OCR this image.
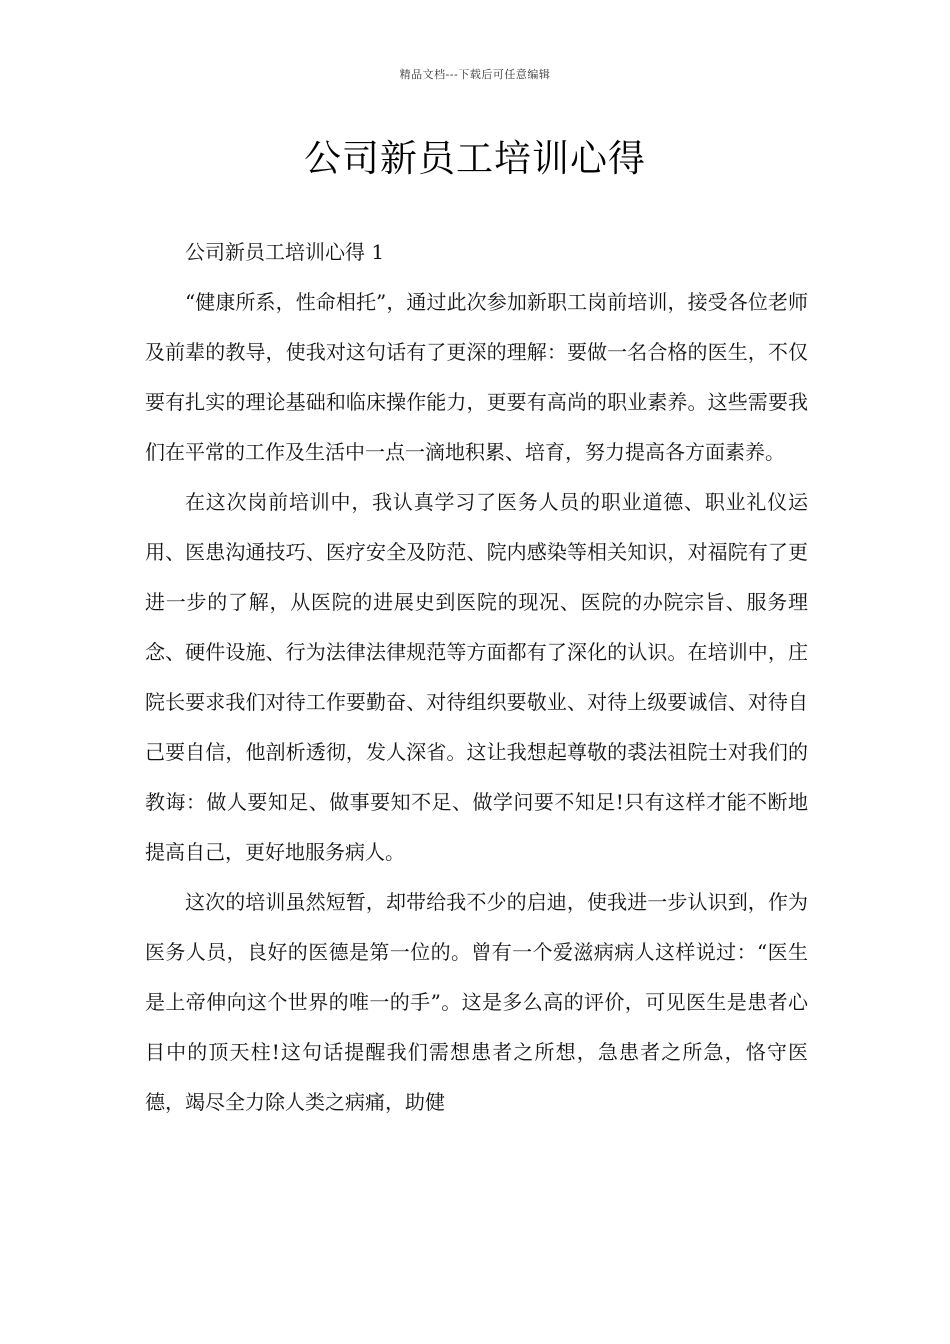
精品文档---下载后可任意编辑
公司新员工培训心得

公司新员工培训心得 1

“健康所系，性命相托”，通过此次参加新职工岗前培训，接受各位老师及前辈的教导，使我对这句话有了更深的理解：要做一名合格的医生，不仅要有扎实的理论基础和临床操作能力，更要有高尚的职业素养。这些需要我们在平常的工作及生活中一点一滴地积累、培育，努力提高各方面素养。

在这次岗前培训中，我认真学习了医务人员的职业道德、职业礼仪运用、医患沟通技巧、医疗安全及防范、院内感染等相关知识，对福院有了更进一步的了解，从医院的进展史到医院的现况、医院的办院宗旨、服务理念、硬件设施、行为法律法律规范等方面都有了深化的认识。在培训中，庄院长要求我们对待工作要勤奋、对待组织要敬业、对待上级要诚信、对待自己要自信，他剖析透彻，发人深省。这让我想起尊敬的裘法祖院士对我们的教诲：做人要知足、做事要知不足、做学问要不知足!只有这样才能不断地提高自己，更好地服务病人。

这次的培训虽然短暂，却带给我不少的启迪，使我进一步认识到，作为医务人员，良好的医德是第一位的。曾有一个爱滋病病人这样说过：“医生是上帝伸向这个世界的唯一的手”。这是多么高的评价，可见医生是患者心目中的顶天柱!这句话提醒我们需想患者之所想，急患者之所急，恪守医德，竭尽全力除人类之病痛，助健
